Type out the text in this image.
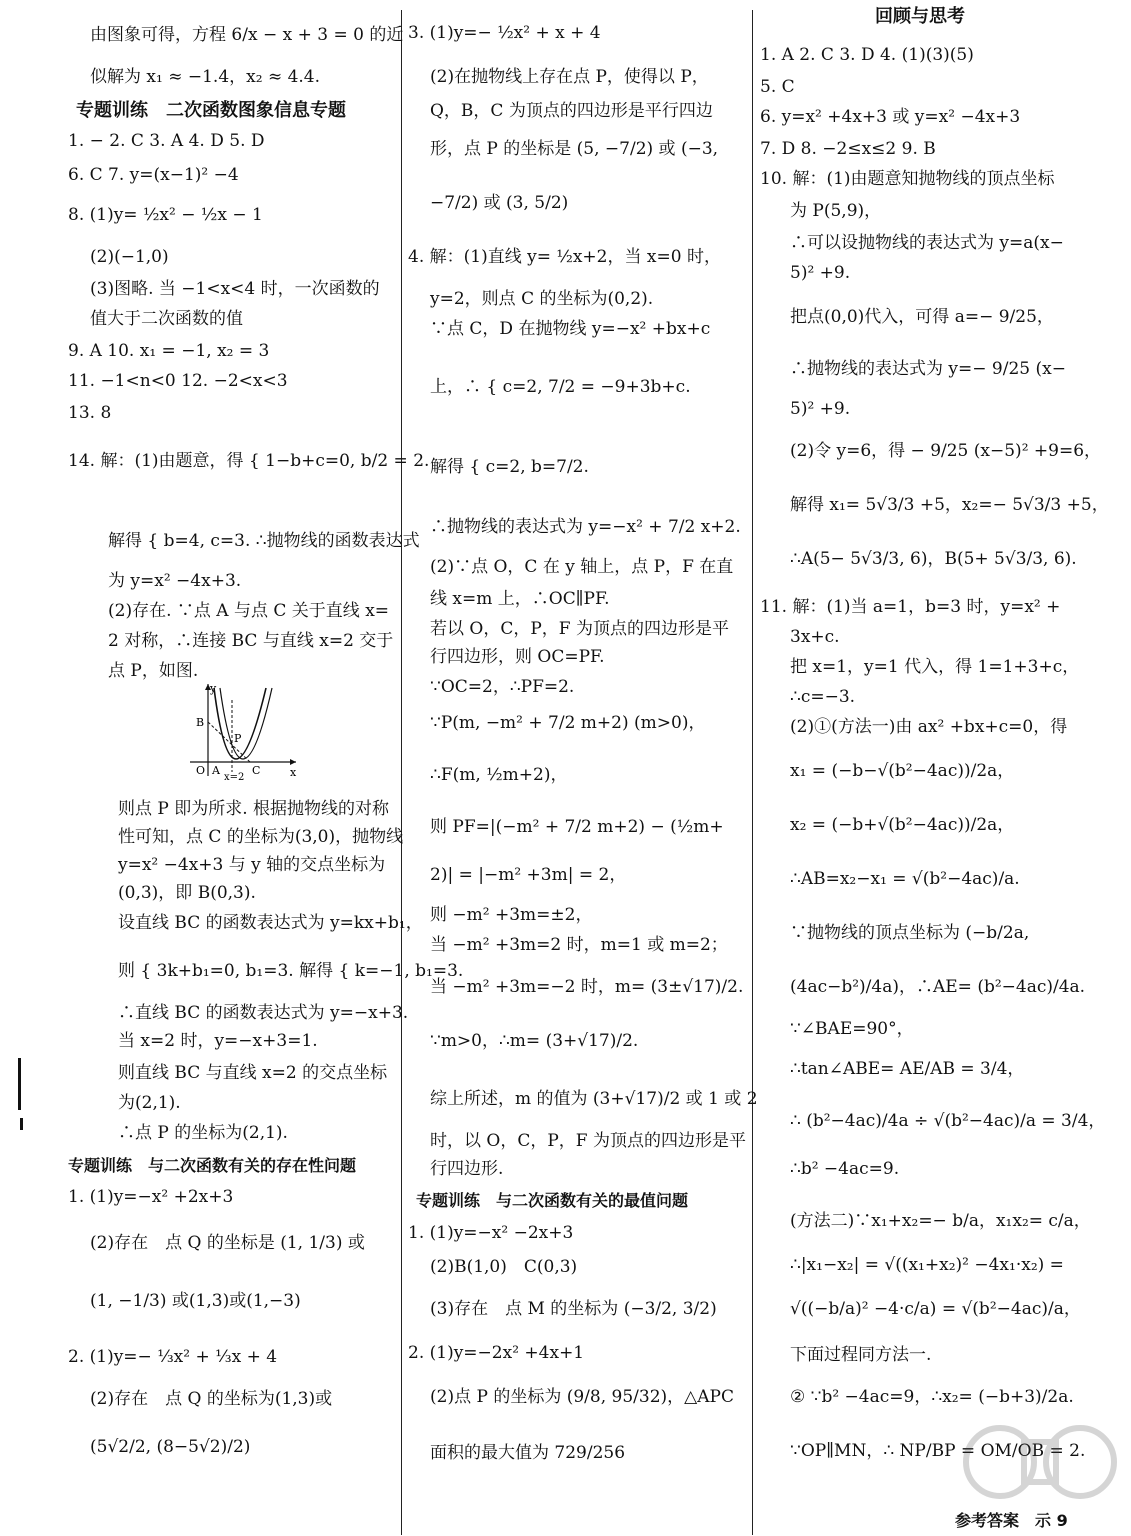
由图象可得，方程 6/x − x + 3 = 0 的近
似解为 x₁ ≈ −1.4，x₂ ≈ 4.4.
专题训练　二次函数图象信息专题
1. − 2. C 3. A 4. D 5. D
6. C 7. y=(x−1)² −4
8. (1)y= ½x² − ½x − 1
(2)(−1,0)
(3)图略. 当 −1<x<4 时，一次函数的
值大于二次函数的值
9. A 10. x₁ = −1, x₂ = 3
11. −1<n<0 12. −2<x<3
13. 8
14. 解：(1)由题意，得 { 1−b+c=0, b/2 = 2.
解得 { b=4, c=3. ∴抛物线的函数表达式
为 y=x² −4x+3.
(2)存在. ∵点 A 与点 C 关于直线 x=
2 对称，∴连接 BC 与直线 x=2 交于
点 P，如图.
y
B
P
O A	C	x
x=2
则点 P 即为所求. 根据抛物线的对称
性可知，点 C 的坐标为(3,0)，抛物线
y=x² −4x+3 与 y 轴的交点坐标为
(0,3)，即 B(0,3).
设直线 BC 的函数表达式为 y=kx+b₁，
则 { 3k+b₁=0, b₁=3. 解得 { k=−1, b₁=3.
∴直线 BC 的函数表达式为 y=−x+3.
当 x=2 时，y=−x+3=1.
则直线 BC 与直线 x=2 的交点坐标
为(2,1).
∴点 P 的坐标为(2,1).
专题训练　与二次函数有关的存在性问题
1. (1)y=−x² +2x+3
(2)存在　点 Q 的坐标是 (1, 1/3) 或
(1, −1/3) 或(1,3)或(1,−3)
2. (1)y=− ⅓x² + ⅓x + 4
(2)存在　点 Q 的坐标为(1,3)或
(5√2/2, (8−5√2)/2)
3. (1)y=− ½x² + x + 4
(2)在抛物线上存在点 P，使得以 P，
Q，B，C 为顶点的四边形是平行四边
形，点 P 的坐标是 (5, −7/2) 或 (−3,
−7/2) 或 (3, 5/2)
4. 解：(1)直线 y= ½x+2，当 x=0 时，
y=2，则点 C 的坐标为(0,2).
∵点 C，D 在抛物线 y=−x² +bx+c
上，∴ { c=2, 7/2 = −9+3b+c.
解得 { c=2, b=7/2.
∴抛物线的表达式为 y=−x² + 7/2 x+2.
(2)∵点 O，C 在 y 轴上，点 P，F 在直
线 x=m 上，∴OC∥PF.
若以 O，C，P，F 为顶点的四边形是平
行四边形，则 OC=PF.
∵OC=2，∴PF=2.
∵P(m, −m² + 7/2 m+2) (m>0)，
∴F(m, ½m+2)，
则 PF=|(−m² + 7/2 m+2) − (½m+
2)| = |−m² +3m| = 2，
则 −m² +3m=±2，
当 −m² +3m=2 时，m=1 或 m=2；
当 −m² +3m=−2 时，m= (3±√17)/2.
∵m>0，∴m= (3+√17)/2.
综上所述，m 的值为 (3+√17)/2 或 1 或 2
时，以 O，C，P，F 为顶点的四边形是平
行四边形.
专题训练　与二次函数有关的最值问题
1. (1)y=−x² −2x+3
(2)B(1,0)　C(0,3)
(3)存在　点 M 的坐标为 (−3/2, 3/2)
2. (1)y=−2x² +4x+1
(2)点 P 的坐标为 (9/8, 95/32)，△APC
面积的最大值为 729/256
回顾与思考
1. A 2. C 3. D 4. (1)(3)(5)
5. C
6. y=x² +4x+3 或 y=x² −4x+3
7. D 8. −2≤x≤2 9. B
10. 解：(1)由题意知抛物线的顶点坐标
为 P(5,9)，
∴可以设抛物线的表达式为 y=a(x−
5)² +9.
把点(0,0)代入，可得 a=− 9/25，
∴抛物线的表达式为 y=− 9/25 (x−
5)² +9.
(2)令 y=6，得 − 9/25 (x−5)² +9=6，
解得 x₁= 5√3/3 +5，x₂=− 5√3/3 +5，
∴A(5− 5√3/3, 6)，B(5+ 5√3/3, 6).
11. 解：(1)当 a=1，b=3 时，y=x² +
3x+c.
把 x=1，y=1 代入，得 1=1+3+c，
∴c=−3.
(2)①(方法一)由 ax² +bx+c=0，得
x₁ = (−b−√(b²−4ac))/2a，
x₂ = (−b+√(b²−4ac))/2a，
∴AB=x₂−x₁ = √(b²−4ac)/a.
∵抛物线的顶点坐标为 (−b/2a,
(4ac−b²)/4a)，∴AE= (b²−4ac)/4a.
∵∠BAE=90°，
∴tan∠ABE= AE/AB = 3/4，
∴ (b²−4ac)/4a ÷ √(b²−4ac)/a = 3/4，
∴b² −4ac=9.
(方法二)∵x₁+x₂=− b/a，x₁x₂= c/a，
∴|x₁−x₂| = √((x₁+x₂)² −4x₁·x₂) =
√((−b/a)² −4·c/a) = √(b²−4ac)/a，
下面过程同方法一.
② ∵b² −4ac=9，∴x₂= (−b+3)/2a.
∵OP∥MN，∴ NP/BP = OM/OB = 2.
参考答案　示 9
